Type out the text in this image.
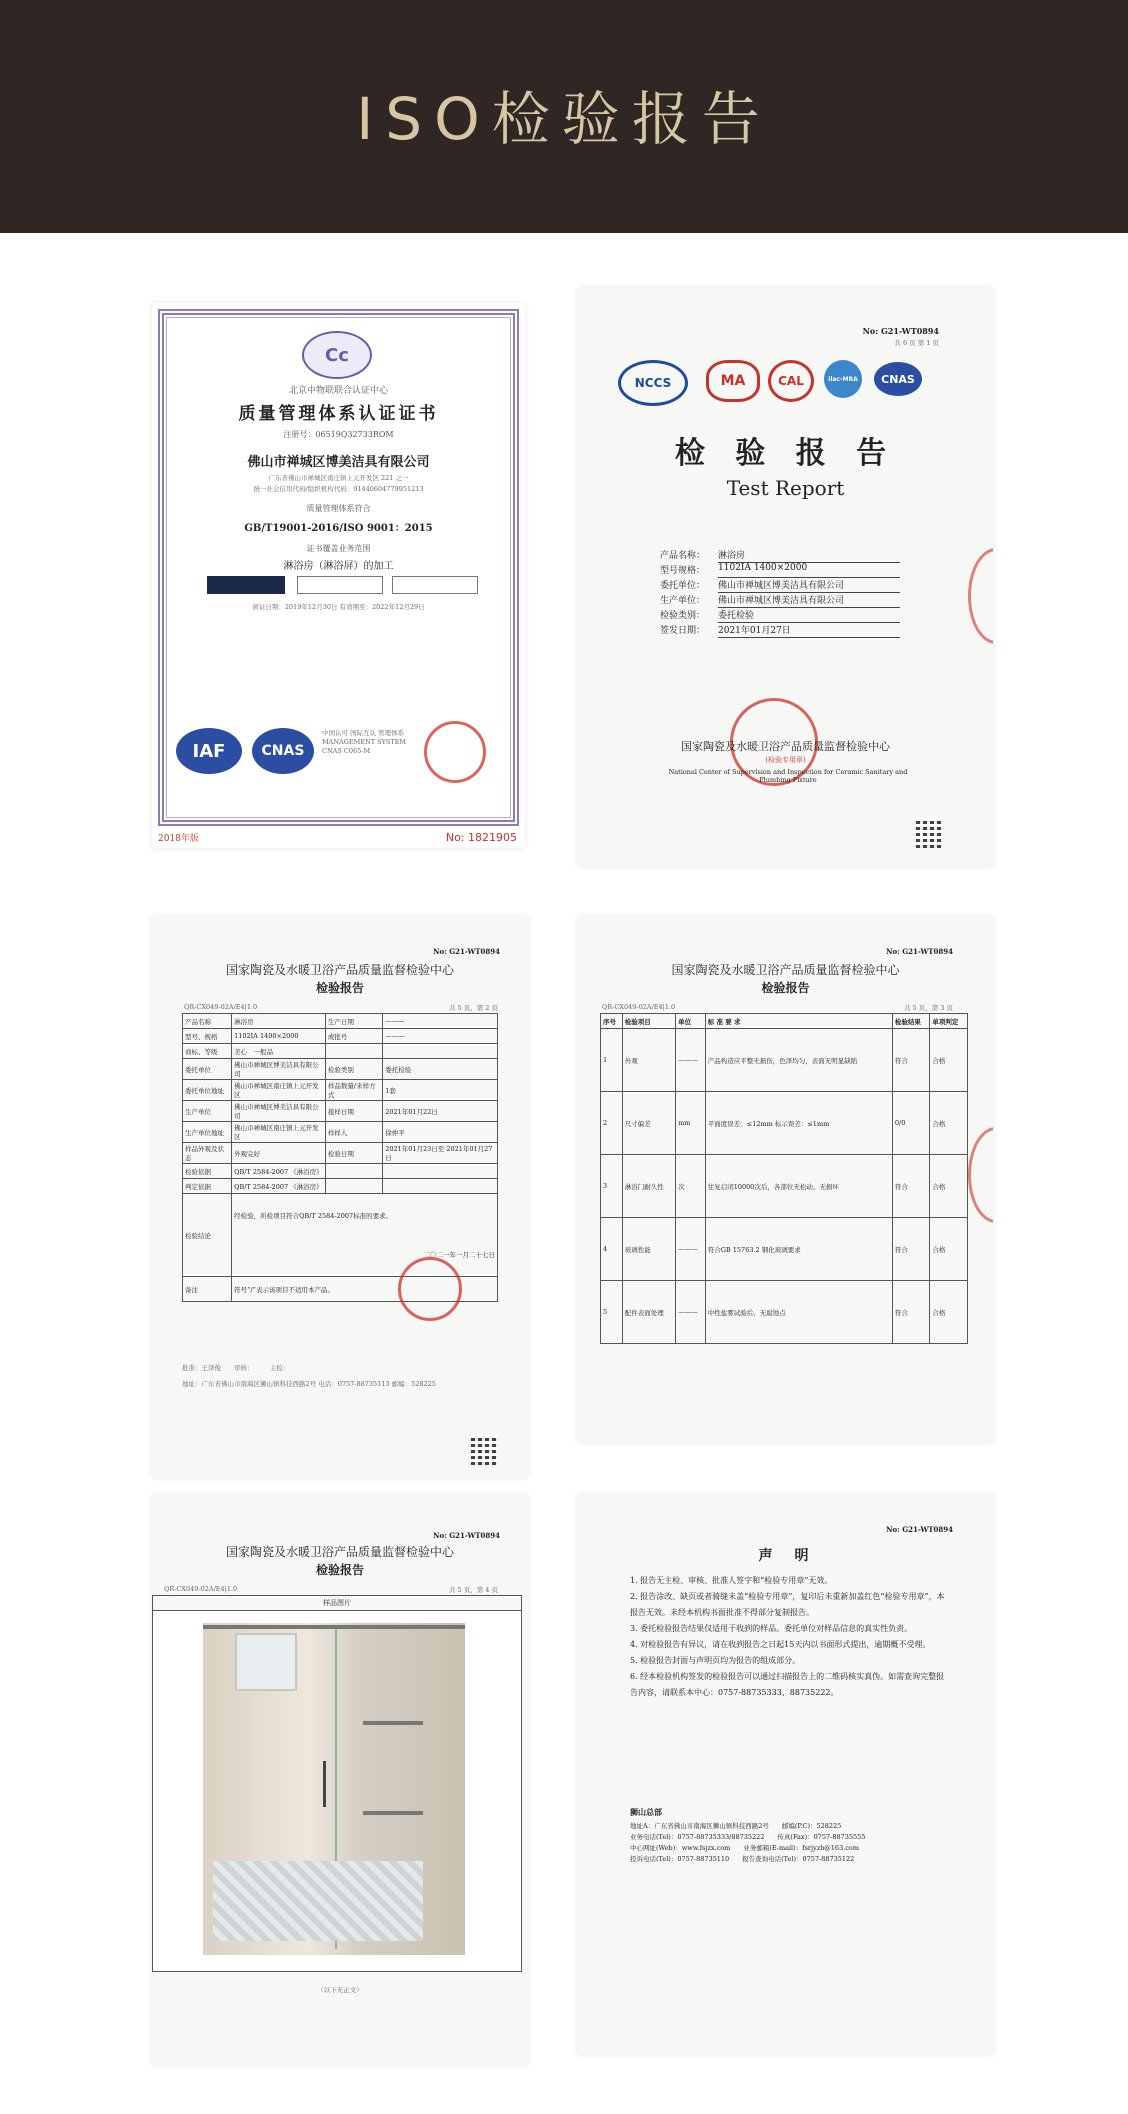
ISO检验报告
Cc
北京中物联联合认证中心
质量管理体系认证证书
注册号：06519Q32733ROM
佛山市禅城区博美洁具有限公司
广东省佛山市禅城区南庄镇上元开发区 221 之一
统一社会信用代码/组织机构代码：91440604779951213
质量管理体系符合
GB/T19001-2016/ISO 9001：2015
证书覆盖业务范围
淋浴房（淋浴屏）的加工
颁证日期：2019年12月30日 有效期至：2022年12月29日
IAF	CNAS
中国认可 国际互认 管理体系 MANAGEMENT SYSTEM CNAS C065-M
2018年版	No: 1821905
No: G21-WT0894
共 6 页 第 1 页
NCCS	MA	CAL	ilac-MRA	CNAS
检 验 报 告
Test Report
产品名称：	淋浴房
型号规格：	1102IA 1400×2000
委托单位：	佛山市禅城区博美洁具有限公司
生产单位：	佛山市禅城区博美洁具有限公司
检验类别：	委托检验
签发日期：	2021年01月27日
国家陶瓷及水暖卫浴产品质量监督检验中心
(检验专用章)
National Center of Supervision and Inspection for Ceramic Sanitary and Plumbing Fixture
No: G21-WT0894
国家陶瓷及水暖卫浴产品质量监督检验中心
检验报告
QR-CX049-02A/E4|1.0	共 5 页，第 2 页
产品名称	淋浴房	生产日期	———
型号、规格	1102IA 1400×2000	或批号	———
商标、等级	美心　一般品		
委托单位	佛山市禅城区博美洁具有限公司	检验类别	委托检验
委托单位地址	佛山市禅城区南庄镇上元开发区	样品数量/来样方式	1套
生产单位	佛山市禅城区博美洁具有限公司	接样日期	2021年01月22日
生产单位地址	佛山市禅城区南庄镇上元开发区	样样人	徐仲平
样品外观及状态	外观完好	检验日期	2021年01月23日至 2021年01月27日
检验依据	QB/T 2584-2007 《淋浴房》		
判定依据	QB/T 2584-2007 《淋浴房》		
检验结论	经检验，所检项目符合QB/T 2584-2007标准的要求。
二〇二一年一月二十七日		

备注	符号“/”表示该项目不适用本产品。		
批准：王泽俊　　审核：　　　主检：
地址：广东省佛山市南海区狮山镇科技西路2号 电话：0757-88735113 邮编：528225
No: G21-WT0894
国家陶瓷及水暖卫浴产品质量监督检验中心
检验报告
QR-CX049-02A/E4|1.0	共 5 页，第 3 页
序号	检验项目	单位	标 准 要 求	检验结果	单项判定
1	外观	———	产品构造应平整无损伤，色泽均匀，表面无明显缺陷	符合	合格
2	尺寸偏差	mm	平面度误差：≤12mm 标示误差：≤1mm	0/0	合格
3	淋浴门耐久性	次	往复启闭10000次后，各部位无松动、无损坏	符合	合格
4	玻璃性能	———	符合GB 15763.2 钢化玻璃要求	符合	合格
5	配件表面处理	———	中性盐雾试验后，无腐蚀点	符合	合格
No: G21-WT0894
国家陶瓷及水暖卫浴产品质量监督检验中心
检验报告
QR-CX049-02A/E4|1.0	共 5 页，第 4 页
样品图片
（以下无正文）
No: G21-WT0894
声　明
1. 报告无主检、审核、批准人签字和“检验专用章”无效。
2. 报告涂改、缺页或者骑缝未盖“检验专用章”，复印后未重新加盖红色“检验专用章”，本报告无效。未经本机构书面批准不得部分复制报告。
3. 委托检验报告结果仅适用于收到的样品。委托单位对样品信息的真实性负责。
4. 对检验报告有异议，请在收到报告之日起15天内以书面形式提出，逾期概不受理。
5. 检验报告封面与声明页均为报告的组成部分。
6. 经本检验机构签发的检验报告可以通过扫描报告上的二维码核实真伪。如需查询完整报告内容，请联系本中心：0757-88735333、88735222。
狮山总部
地址A：广东省佛山市南海区狮山镇科技西路2号　　邮编(P.C)：528225
业务电话(Tel)：0757-88735333/88735222　　传真(Fax)：0757-88735555
中心网址(Web)：www.fsjzx.com　　业务邮箱(E-mail)：fsrjyzb@163.com
投诉电话(Tel)：0757-88735110　　报告查询电话(Tel)：0757-88735122
